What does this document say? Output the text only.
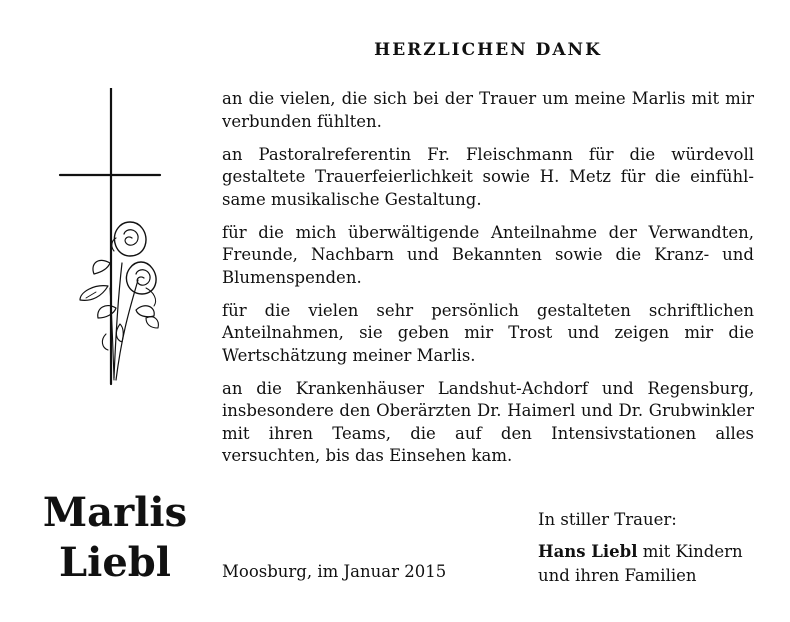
HERZLICHEN DANK

an die vielen, die sich bei der Trauer um meine Marlis mit mir verbunden fühlten.

an Pastoralreferentin Fr. Fleischmann für die würdevoll gestaltete Trauerfeierlichkeit sowie H. Metz für die einfühlsame musikalische Gestaltung.

für die mich überwältigende Anteilnahme der Verwandten, Freunde, Nachbarn und Bekannten sowie die Kranz- und Blumenspenden.

für die vielen sehr persönlich gestalteten schriftlichen Anteilnahmen, sie geben mir Trost und zeigen mir die Wertschätzung meiner Marlis.

an die Krankenhäuser Landshut-Achdorf und Regensburg, insbesondere den Oberärzten Dr. Haimerl und Dr. Grubwinkler mit ihren Teams, die auf den Intensivstationen alles versuchten, bis das Einsehen kam.

Marlis
Liebl	Moosburg, im Januar 2015
In stiller Trauer:
Hans Liebl mit Kindern
und ihren Familien
